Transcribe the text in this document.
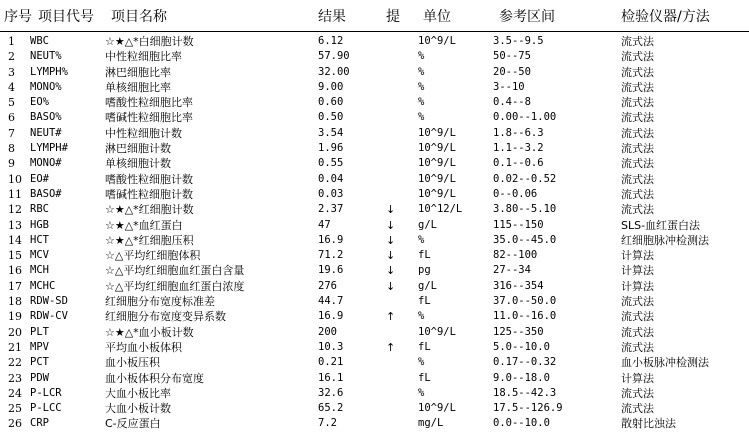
序号 项目代号 项目名称	结果	提 单位	参考区间	检验仪器/方法
1 WBC	☆★△*白细胞计数	6.12	10^9/L	3.5--9.5	流式法
2 NEUT%	中性粒细胞比率	57.90	%	50--75	流式法
3 LYMPH%	淋巴细胞比率	32.00	%	20--50	流式法
4 MONO%	单核细胞比率	9.00	%	3--10	流式法
5 EO%	嗜酸性粒细胞比率	0.60	%	0.4--8	流式法
6 BASO%	嗜碱性粒细胞比率	0.50	%	0.00--1.00	流式法
7 NEUT#	中性粒细胞计数	3.54	10^9/L	1.8--6.3	流式法
8 LYMPH#	淋巴细胞计数	1.96	10^9/L	1.1--3.2	流式法
9 MONO#	单核细胞计数	0.55	10^9/L	0.1--0.6	流式法
10 EO#	嗜酸性粒细胞计数	0.04	10^9/L	0.02--0.52	流式法
11 BASO#	嗜碱性粒细胞计数	0.03	10^9/L	0--0.06	流式法
12 RBC	☆★△*红细胞计数	2.37	↓ 10^12/L	3.80--5.10	流式法
13 HGB	☆★△*血红蛋白	47	↓ g/L	115--150	SLS-血红蛋白法
14 HCT	☆★△*红细胞压积	16.9	↓ %	35.0--45.0	红细胞脉冲检测法
15 MCV	☆△平均红细胞体积	71.2	↓ fL	82--100	计算法
16 MCH	☆△平均红细胞血红蛋白含量	19.6	↓ pg	27--34	计算法
17 MCHC	☆△平均红细胞血红蛋白浓度	276	↓ g/L	316--354	计算法
18 RDW-SD	红细胞分布宽度标准差	44.7	fL	37.0--50.0	流式法
19 RDW-CV	红细胞分布宽度变异系数	16.9	↑ %	11.0--16.0	流式法
20 PLT	☆★△*血小板计数	200	10^9/L	125--350	流式法
21 MPV	平均血小板体积	10.3	↑ fL	5.0--10.0	流式法
22 PCT	血小板压积	0.21	%	0.17--0.32	血小板脉冲检测法
23 PDW	血小板体积分布宽度	16.1	fL	9.0--18.0	计算法
24 P-LCR	大血小板比率	32.6	%	18.5--42.3	流式法
25 P-LCC	大血小板计数	65.2	10^9/L	17.5--126.9	流式法
26 CRP	C-反应蛋白	7.2	mg/L	0.0--10.0	散射比浊法
